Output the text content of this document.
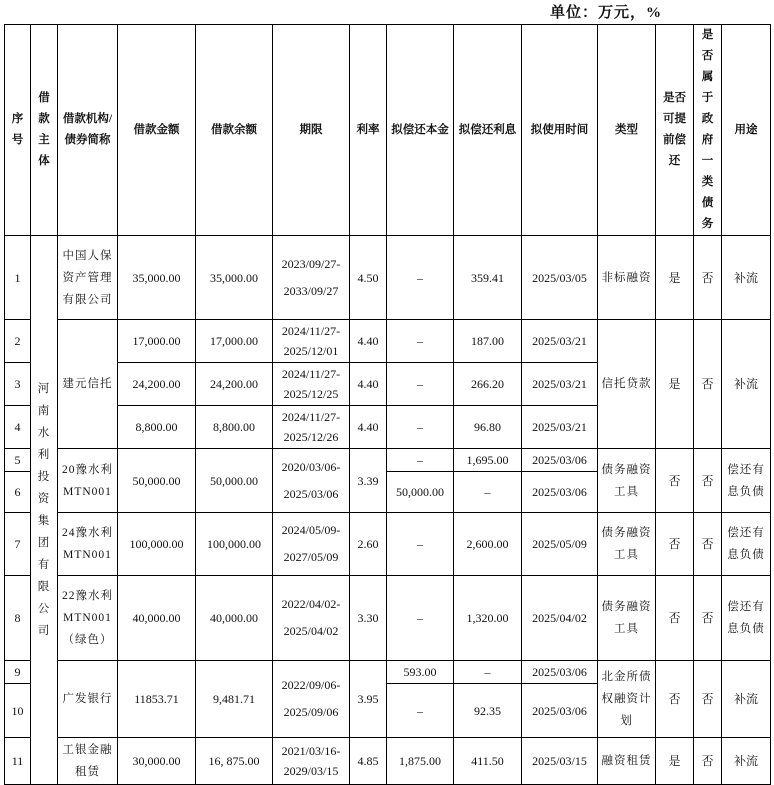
单位：万元，%
序号	借款主体	借款机构/债券简称	借款金额	借款余额	期限	利率	拟偿还本金	拟偿还利息	拟使用时间	类型	是否可提前偿还	是否属于政府一类债务	用途
1	河南水利投资集团有限公司	中国人保资产管理有限公司	35,000.00	35,000.00	2023/09/27-2033/09/27	4.50	–	359.41	2025/03/05	非标融资	是	否	补流
2		建元信托	17,000.00	17,000.00	2024/11/27-2025/12/01	4.40	–	187.00	2025/03/21	信托贷款	是	否	补流
3			24,200.00	24,200.00	2024/11/27-2025/12/25	4.40	–	266.20	2025/03/21				
4			8,800.00	8,800.00	2024/11/27-2025/12/26	4.40	–	96.80	2025/03/21				
5		20豫水利MTN001	50,000.00	50,000.00	2020/03/06-2025/03/06	3.39	–	1,695.00	2025/03/06	债务融资工具	否	否	偿还有息负债
6							50,000.00	–	2025/03/06				
7		24豫水利MTN001	100,000.00	100,000.00	2024/05/09-2027/05/09	2.60	–	2,600.00	2025/05/09	债务融资工具	否	否	偿还有息负债
8		22豫水利MTN001（绿色）	40,000.00	40,000.00	2022/04/02-2025/04/02	3.30	–	1,320.00	2025/04/02	债务融资工具	否	否	偿还有息负债
9		广发银行	11853.71	9,481.71	2022/09/06-2025/09/06	3.95	593.00	–	2025/03/06	北金所债权融资计划	否	否	补流
10							–	92.35	2025/03/06				
11		工银金融租赁	30,000.00	16, 875.00	2021/03/16-2029/03/15	4.85	1,875.00	411.50	2025/03/15	融资租赁	是	否	补流
